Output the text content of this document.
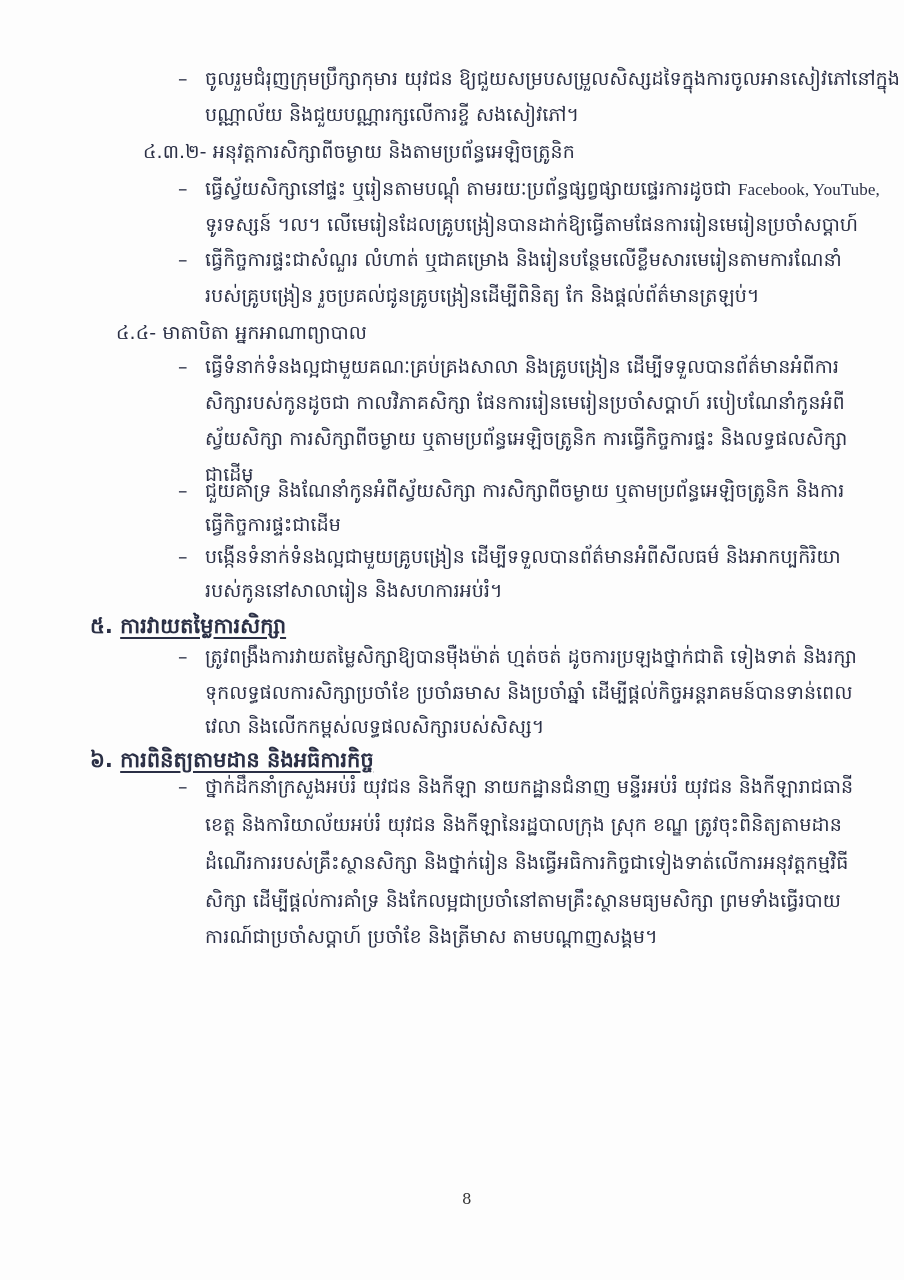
– ចូលរួមជំរុញក្រុមប្រឹក្សាកុមារ យុវជន ឱ្យជួយសម្របសម្រួលសិស្សដទៃក្នុងការចូលអានសៀវភៅនៅក្នុង
បណ្ណាល័យ និងជួយបណ្ណារក្សលើការខ្ចី សងសៀវភៅ។
៤.៣.២- អនុវត្តការសិក្សាពីចម្ងាយ និងតាមប្រព័ន្ធអេឡិចត្រូនិក
– ធ្វើស្វ័យសិក្សានៅផ្ទះ ឬរៀនតាមបណ្ដុំ តាមរយៈប្រព័ន្ធផ្សព្វផ្សាយផ្ទេរការដូចជា Facebook, YouTube,
ទូរទស្សន៍ ។ល។ លើមេរៀនដែលគ្រូបង្រៀនបានដាក់ឱ្យធ្វើតាមផែនការរៀនមេរៀនប្រចាំសប្តាហ៍
– ធ្វើកិច្ចការផ្ទះជាសំណួរ លំហាត់ ឬជាគម្រោង និងរៀនបន្ថែមលើខ្លឹមសារមេរៀនតាមការណែនាំ
របស់គ្រូបង្រៀន រួចប្រគល់ជូនគ្រូបង្រៀនដើម្បីពិនិត្យ កែ និងផ្តល់ព័ត៌មានត្រឡប់។
៤.៤- មាតាបិតា អ្នកអាណាព្យាបាល
– ធ្វើទំនាក់ទំនងល្អជាមួយគណៈគ្រប់គ្រងសាលា និងគ្រូបង្រៀន ដើម្បីទទួលបានព័ត៌មានអំពីការ
សិក្សារបស់កូនដូចជា កាលវិភាគសិក្សា ផែនការរៀនមេរៀនប្រចាំសប្តាហ៍ របៀបណែនាំកូនអំពី
ស្វ័យសិក្សា ការសិក្សាពីចម្ងាយ ឬតាមប្រព័ន្ធអេឡិចត្រូនិក ការធ្វើកិច្ចការផ្ទះ និងលទ្ធផលសិក្សា
ជាដើម
– ជួយគាំទ្រ និងណែនាំកូនអំពីស្វ័យសិក្សា ការសិក្សាពីចម្ងាយ ឬតាមប្រព័ន្ធអេឡិចត្រូនិក និងការ
ធ្វើកិច្ចការផ្ទះជាដើម
– បង្កើនទំនាក់ទំនងល្អជាមួយគ្រូបង្រៀន ដើម្បីទទួលបានព័ត៌មានអំពីសីលធម៌ និងអាកប្បកិរិយា
របស់កូននៅសាលារៀន និងសហការអប់រំ។
៥. ការវាយតម្លៃការសិក្សា
– ត្រូវពង្រឹងការវាយតម្លៃសិក្សាឱ្យបានម៉ឺងម៉ាត់ ហ្មត់ចត់ ដូចការប្រឡងថ្នាក់ជាតិ ទៀងទាត់ និងរក្សា
ទុកលទ្ធផលការសិក្សាប្រចាំខែ ប្រចាំឆមាស និងប្រចាំឆ្នាំ ដើម្បីផ្តល់កិច្ចអន្តរាគមន៍បានទាន់ពេល
វេលា និងលើកកម្ពស់លទ្ធផលសិក្សារបស់សិស្ស។
៦. ការពិនិត្យតាមដាន និងអធិការកិច្ច
– ថ្នាក់ដឹកនាំក្រសួងអប់រំ យុវជន និងកីឡា នាយកដ្ឋានជំនាញ មន្ទីរអប់រំ យុវជន និងកីឡារាជធានី
ខេត្ត និងការិយាល័យអប់រំ យុវជន និងកីឡានៃរដ្ឋបាលក្រុង ស្រុក ខណ្ឌ ត្រូវចុះពិនិត្យតាមដាន
ដំណើរការរបស់គ្រឹះស្ថានសិក្សា និងថ្នាក់រៀន និងធ្វើអធិការកិច្ចជាទៀងទាត់លើការអនុវត្តកម្មវិធី
សិក្សា ដើម្បីផ្តល់ការគាំទ្រ និងកែលម្អជាប្រចាំនៅតាមគ្រឹះស្ថានមធ្យមសិក្សា ព្រមទាំងធ្វើរបាយ
ការណ៍ជាប្រចាំសប្តាហ៍ ប្រចាំខែ និងត្រីមាស តាមបណ្តាញសង្គម។
8
